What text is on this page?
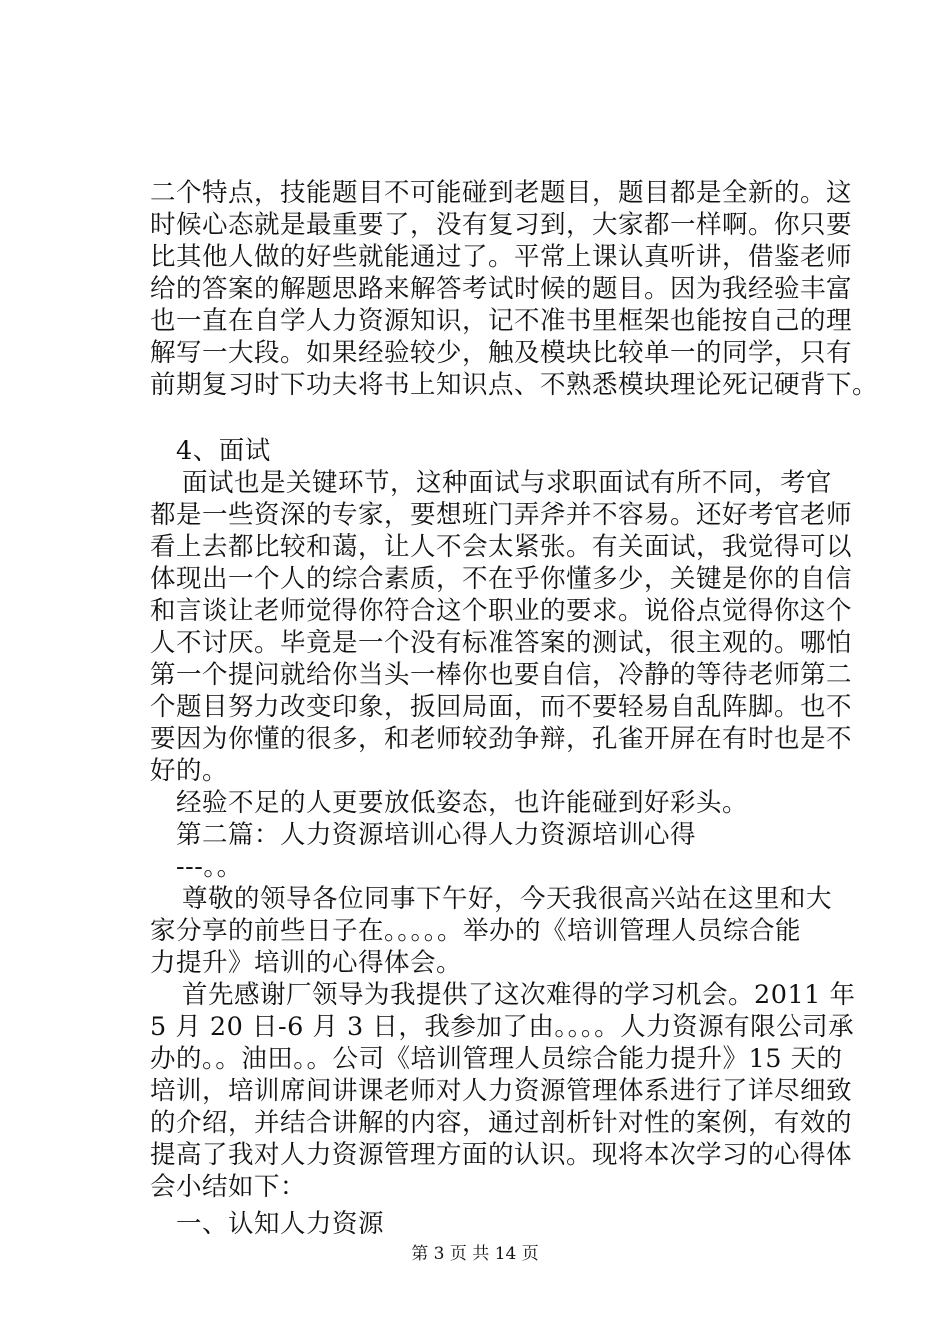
二个特点，技能题目不可能碰到老题目，题目都是全新的。这
时候心态就是最重要了，没有复习到，大家都一样啊。你只要
比其他人做的好些就能通过了。平常上课认真听讲，借鉴老师
给的答案的解题思路来解答考试时候的题目。因为我经验丰富
也一直在自学人力资源知识，记不准书里框架也能按自己的理
解写一大段。如果经验较少，触及模块比较单一的同学，只有
前期复习时下功夫将书上知识点、不熟悉模块理论死记硬背下。
4、面试
面试也是关键环节，这种面试与求职面试有所不同，考官
都是一些资深的专家，要想班门弄斧并不容易。还好考官老师
看上去都比较和蔼，让人不会太紧张。有关面试，我觉得可以
体现出一个人的综合素质，不在乎你懂多少，关键是你的自信
和言谈让老师觉得你符合这个职业的要求。说俗点觉得你这个
人不讨厌。毕竟是一个没有标准答案的测试，很主观的。哪怕
第一个提问就给你当头一棒你也要自信，冷静的等待老师第二
个题目努力改变印象，扳回局面，而不要轻易自乱阵脚。也不
要因为你懂的很多，和老师较劲争辩，孔雀开屏在有时也是不
好的。
经验不足的人更要放低姿态，也许能碰到好彩头。
第二篇：人力资源培训心得人力资源培训心得
---。。
尊敬的领导各位同事下午好，今天我很高兴站在这里和大
家分享的前些日子在。。。。。举办的《培训管理人员综合能
力提升》培训的心得体会。
首先感谢厂领导为我提供了这次难得的学习机会。2011 年
5 月 20 日-6 月 3 日，我参加了由。。。。人力资源有限公司承
办的。。油田。。公司《培训管理人员综合能力提升》15 天的
培训，培训席间讲课老师对人力资源管理体系进行了详尽细致
的介绍，并结合讲解的内容，通过剖析针对性的案例，有效的
提高了我对人力资源管理方面的认识。现将本次学习的心得体
会小结如下：
一、认知人力资源
第 3 页 共 14 页
